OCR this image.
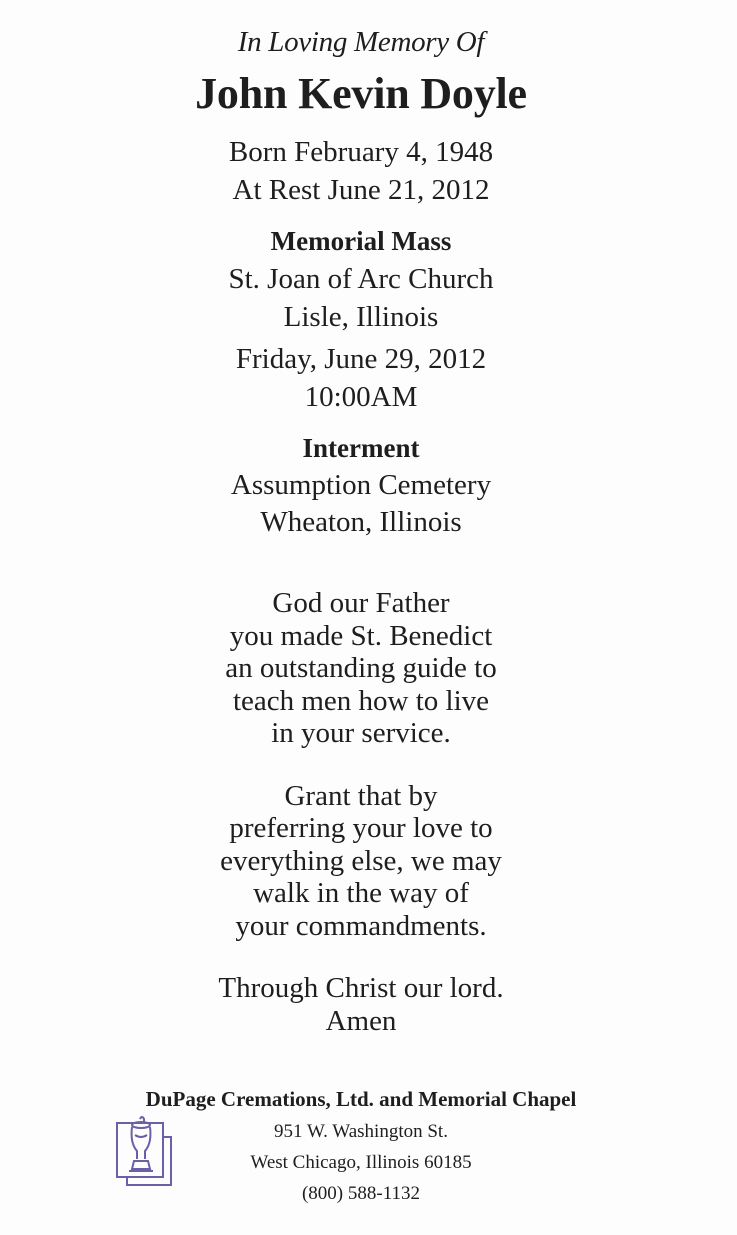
In Loving Memory Of
John Kevin Doyle
Born February 4, 1948
At Rest June 21, 2012
Memorial Mass
St. Joan of Arc Church
Lisle, Illinois
Friday, June 29, 2012
10:00AM
Interment
Assumption Cemetery
Wheaton, Illinois
God our Father
you made St. Benedict
an outstanding guide to
teach men how to live
in your service.
Grant that by
preferring your love to
everything else, we may
walk in the way of
your commandments.
Through Christ our lord.
Amen
DuPage Cremations, Ltd. and Memorial Chapel
951 W. Washington St.
West Chicago, Illinois 60185
(800) 588-1132
